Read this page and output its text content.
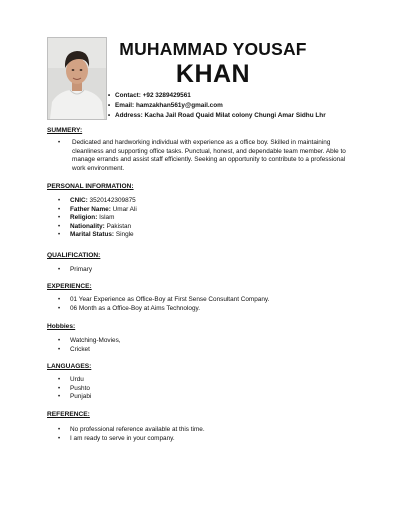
MUHAMMAD YOUSAF
KHAN
• Contact: +92 3289429561
• Email: hamzakhan561y@gmail.com
• Address: Kacha Jail Road Quaid Milat colony Chungi Amar Sidhu Lhr
SUMMERY:
• Dedicated and hardworking individual with experience as a office boy. Skilled in maintaining cleanliness and supporting office tasks. Punctual, honest, and dependable team member. Able to manage errands and assist staff efficiently. Seeking an opportunity to contribute to a professional work environment.

PERSONAL INFORMATION:
•	CNIC: 3520142309875
•	Father Name: Umar Ali
•	Religion: Islam
•	Nationality: Pakistan
•	Marital Status: Single
QUALIFICATION:
•	Primary
EXPERIENCE:
•	01 Year Experience as Office-Boy at First Sense Consultant Company.
•	06 Month as a Office-Boy at Aims Technology.
Hobbies:
•	Watching-Movies,
•	Cricket
LANGUAGES:
•	Urdu
•	Pushto
•	Punjabi
REFERENCE:
•	No professional reference available at this time.
•	I am ready to serve in your company.
